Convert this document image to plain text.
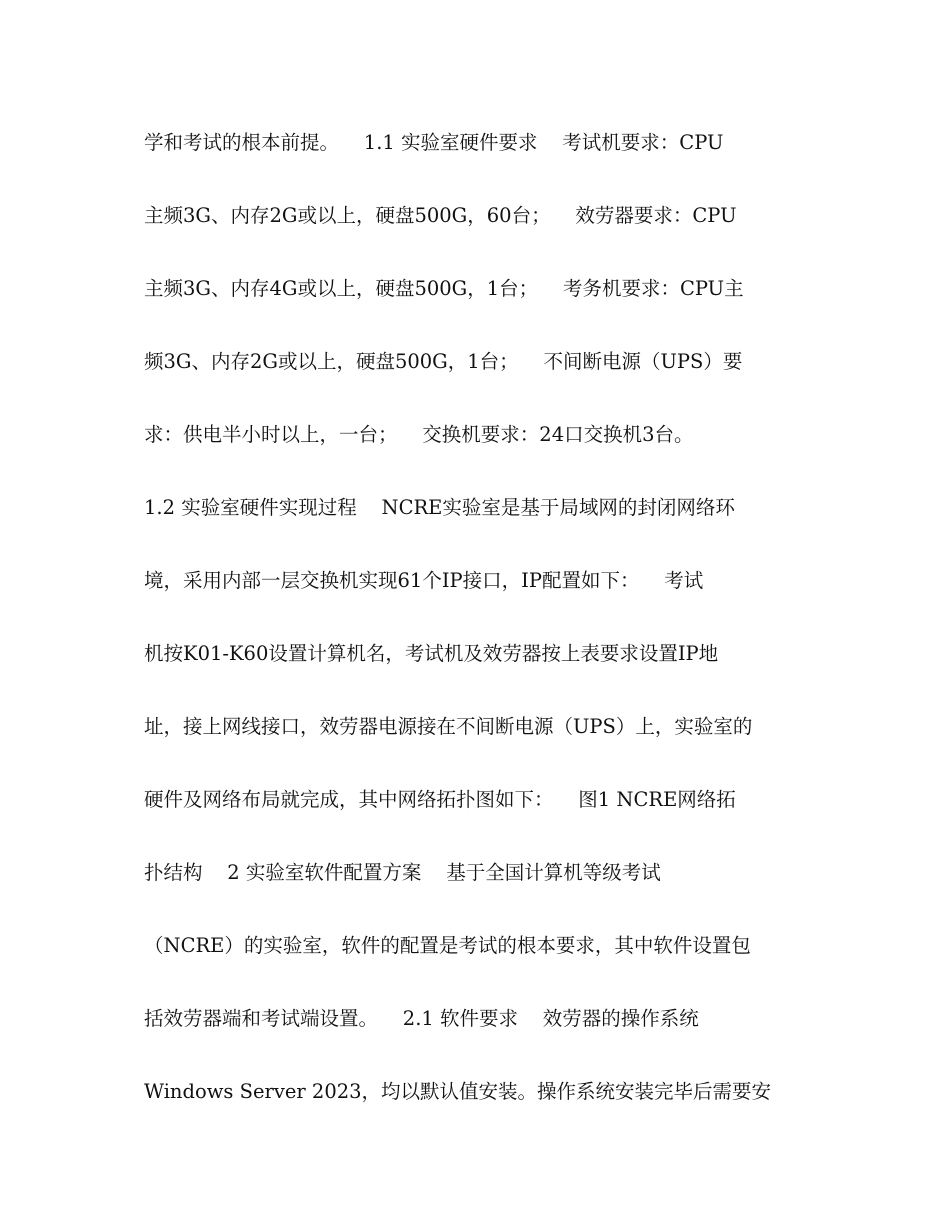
学和考试的根本前提。    1.1 实验室硬件要求    考试机要求：CPU
主频3G、内存2G或以上，硬盘500G，60台；    效劳器要求：CPU
主频3G、内存4G或以上，硬盘500G，1台；    考务机要求：CPU主
频3G、内存2G或以上，硬盘500G，1台；    不间断电源（UPS）要
求：供电半小时以上，一台；    交换机要求：24口交换机3台。
1.2 实验室硬件实现过程    NCRE实验室是基于局域网的封闭网络环
境，采用内部一层交换机实现61个IP接口，IP配置如下：    考试
机按K01-K60设置计算机名，考试机及效劳器按上表要求设置IP地
址，接上网线接口，效劳器电源接在不间断电源（UPS）上，实验室的
硬件及网络布局就完成，其中网络拓扑图如下：    图1 NCRE网络拓
扑结构    2 实验室软件配置方案    基于全国计算机等级考试
（NCRE）的实验室，软件的配置是考试的根本要求，其中软件设置包
括效劳器端和考试端设置。    2.1 软件要求    效劳器的操作系统
Windows Server 2023，均以默认值安装。操作系统安装完毕后需要安
